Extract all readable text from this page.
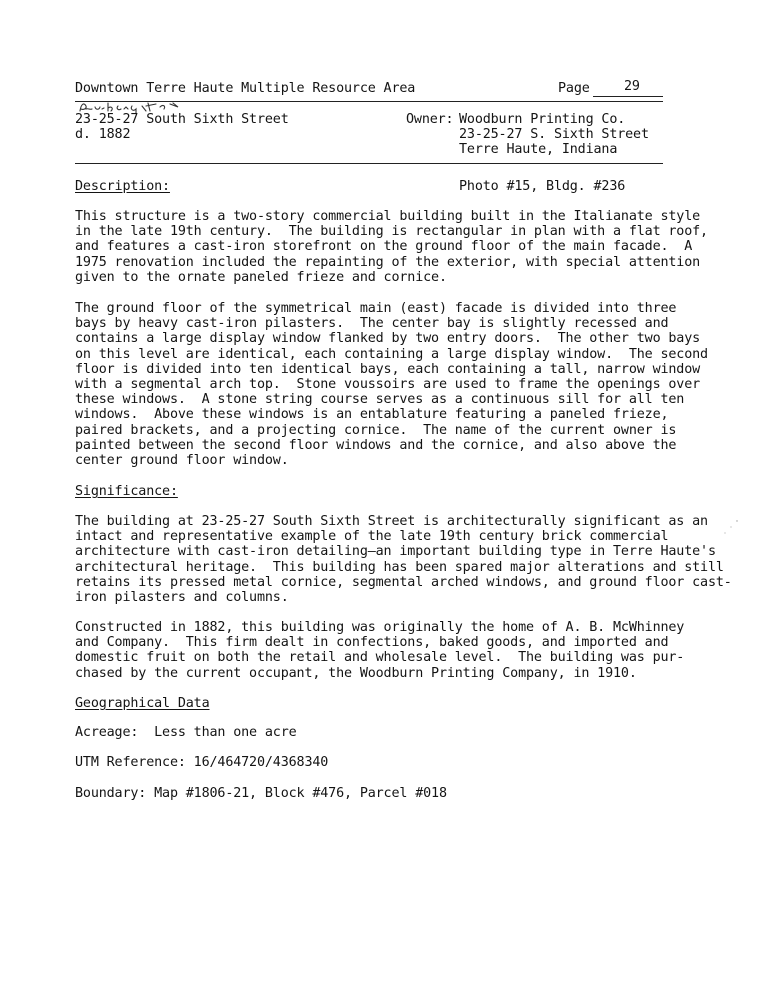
Downtown Terre Haute Multiple Resource Area	Page	29
23-25-27 South Sixth Street
d. 1882
Owner: Woodburn Printing Co.
23-25-27 S. Sixth Street
Terre Haute, Indiana
Description:	Photo #15, Bldg. #236
This structure is a two-story commercial building built in the Italianate style
in the late 19th century.  The building is rectangular in plan with a flat roof,
and features a cast-iron storefront on the ground floor of the main facade.  A
1975 renovation included the repainting of the exterior, with special attention
given to the ornate paneled frieze and cornice.
The ground floor of the symmetrical main (east) facade is divided into three
bays by heavy cast-iron pilasters.  The center bay is slightly recessed and
contains a large display window flanked by two entry doors.  The other two bays
on this level are identical, each containing a large display window.  The second
floor is divided into ten identical bays, each containing a tall, narrow window
with a segmental arch top.  Stone voussoirs are used to frame the openings over
these windows.  A stone string course serves as a continuous sill for all ten
windows.  Above these windows is an entablature featuring a paneled frieze,
paired brackets, and a projecting cornice.  The name of the current owner is
painted between the second floor windows and the cornice, and also above the
center ground floor window.
Significance:
The building at 23-25-27 South Sixth Street is architecturally significant as an
intact and representative example of the late 19th century brick commercial
architecture with cast-iron detailing—an important building type in Terre Haute's
architectural heritage.  This building has been spared major alterations and still
retains its pressed metal cornice, segmental arched windows, and ground floor cast-
iron pilasters and columns.
Constructed in 1882, this building was originally the home of A. B. McWhinney
and Company.  This firm dealt in confections, baked goods, and imported and
domestic fruit on both the retail and wholesale level.  The building was pur-
chased by the current occupant, the Woodburn Printing Company, in 1910.
Geographical Data
Acreage:  Less than one acre
UTM Reference: 16/464720/4368340
Boundary: Map #1806-21, Block #476, Parcel #018
